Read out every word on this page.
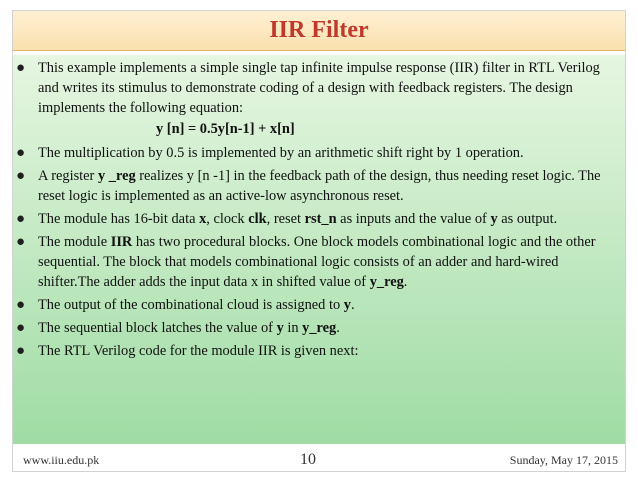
IIR Filter
● This example implements a simple single tap infinite impulse response (IIR) filter in RTL Verilog and writes its stimulus to demonstrate coding of a design with feedback registers. The design implements the following equation:
y [n] = 0.5y[n-1] + x[n]
● The multiplication by 0.5 is implemented by an arithmetic shift right by 1 operation.
● A register y _reg realizes y [n -1] in the feedback path of the design, thus needing reset logic. The reset logic is implemented as an active-low asynchronous reset.
● The module has 16-bit data x, clock clk, reset rst_n as inputs and the value of y as output.
● The module IIR has two procedural blocks. One block models combinational logic and the other sequential. The block that models combinational logic consists of an adder and hard-wired shifter.The adder adds the input data x in shifted value of y_reg.
● The output of the combinational cloud is assigned to y.
● The sequential block latches the value of y in y_reg.
● The RTL Verilog code for the module IIR is given next:
www.iiu.edu.pk	10	Sunday, May 17, 2015
